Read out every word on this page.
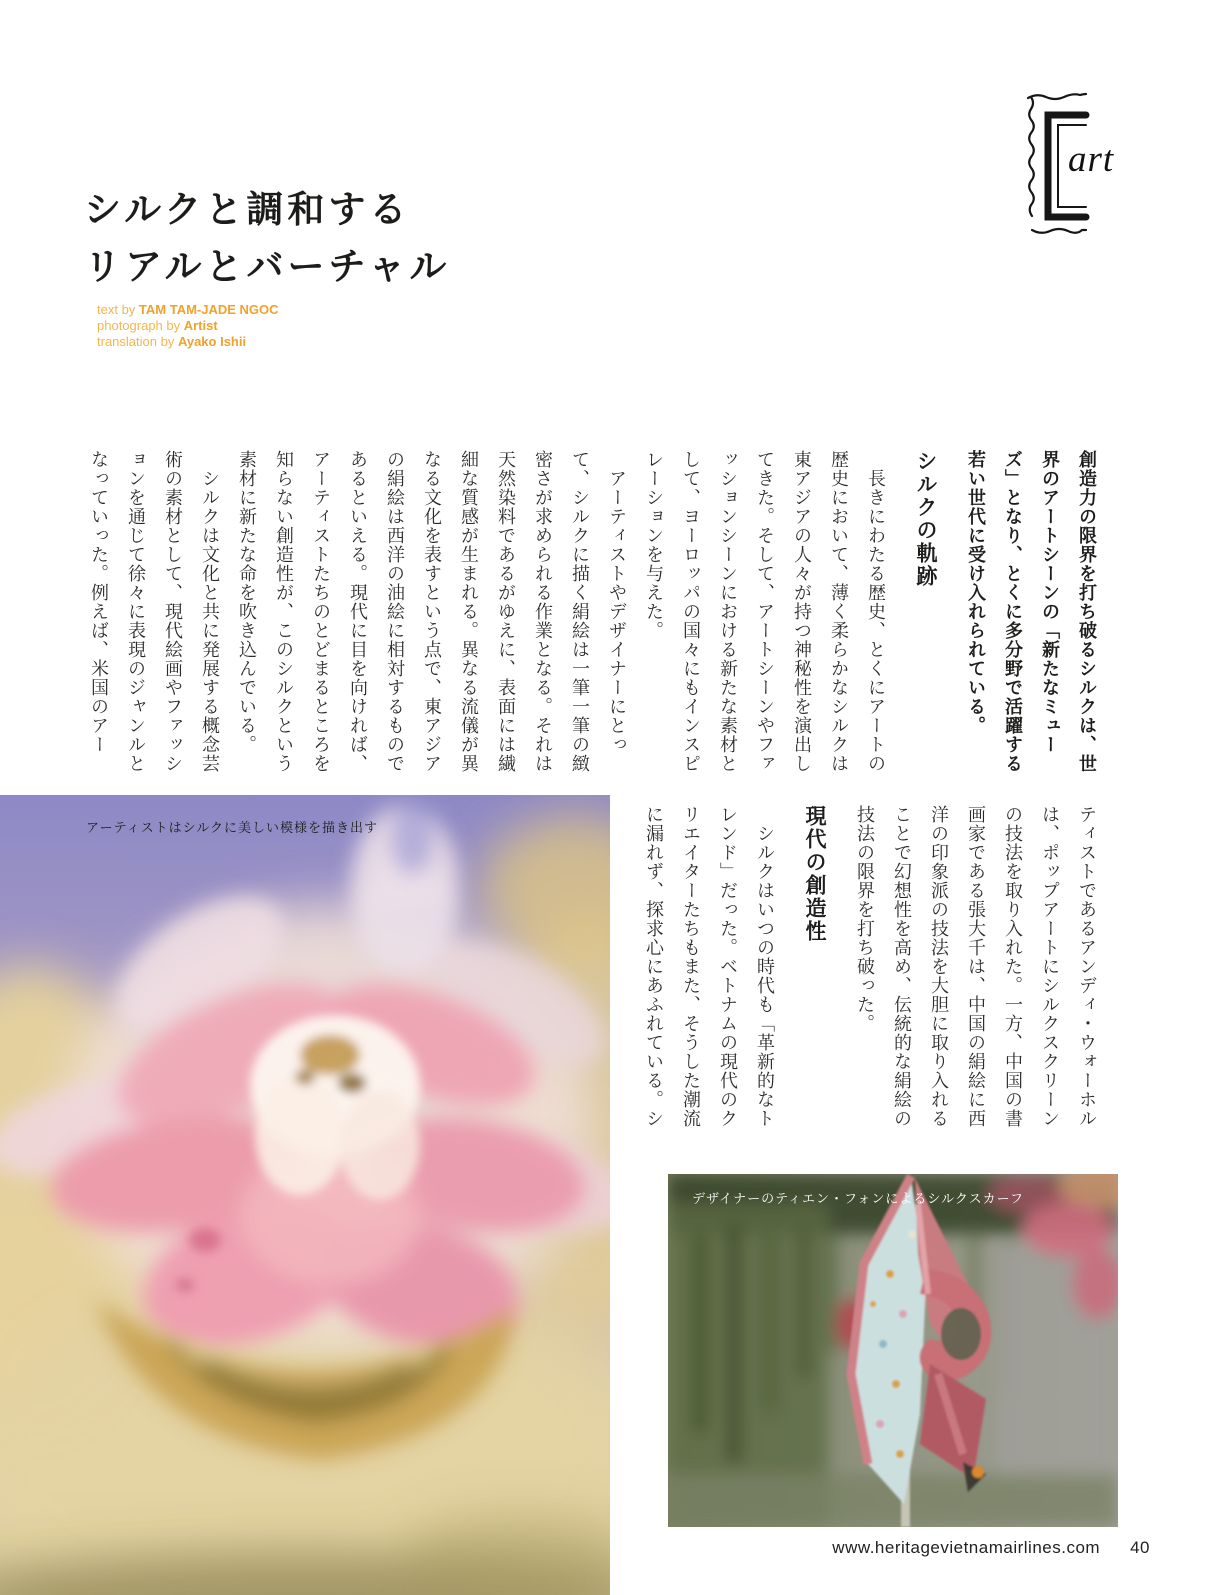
art
シルクと調和する
リアルとバーチャル
text by TAM TAM-JADE NGOC
photograph by Artist
translation by Ayako Ishii

創造力の限界を打ち破るシルクは、世界のアートシーンの「新たなミューズ」となり、とくに多分野で活躍する若い世代に受け入れられている。

シルクの軌跡

長きにわたる歴史、とくにアートの歴史において、薄く柔らかなシルクは東アジアの人々が持つ神秘性を演出してきた。そして、アートシーンやファッションシーンにおける新たな素材として、ヨーロッパの国々にもインスピレーションを与えた。

アーティストやデザイナーにとって、シルクに描く絹絵は一筆一筆の緻密さが求められる作業となる。それは天然染料であるがゆえに、表面には繊細な質感が生まれる。異なる流儀が異なる文化を表すという点で、東アジアの絹絵は西洋の油絵に相対するものであるといえる。現代に目を向ければ、アーティストたちのとどまるところを知らない創造性が、このシルクという素材に新たな命を吹き込んでいる。

シルクは文化と共に発展する概念芸術の素材として、現代絵画やファッションを通じて徐々に表現のジャンルとなっていった。例えば、米国のアー

ティストであるアンディ・ウォーホルは、ポップアートにシルクスクリーンの技法を取り入れた。一方、中国の書画家である張大千は、中国の絹絵に西洋の印象派の技法を大胆に取り入れることで幻想性を高め、伝統的な絹絵の技法の限界を打ち破った。

現代の創造性

シルクはいつの時代も「革新的なトレンド」だった。ベトナムの現代のクリエイターたちもまた、そうした潮流に漏れず、探求心にあふれている。シ

アーティストはシルクに美しい模様を描き出す
デザイナーのティエン・フォンによるシルクスカーフ
www.heritagevietnamairlines.com 40
